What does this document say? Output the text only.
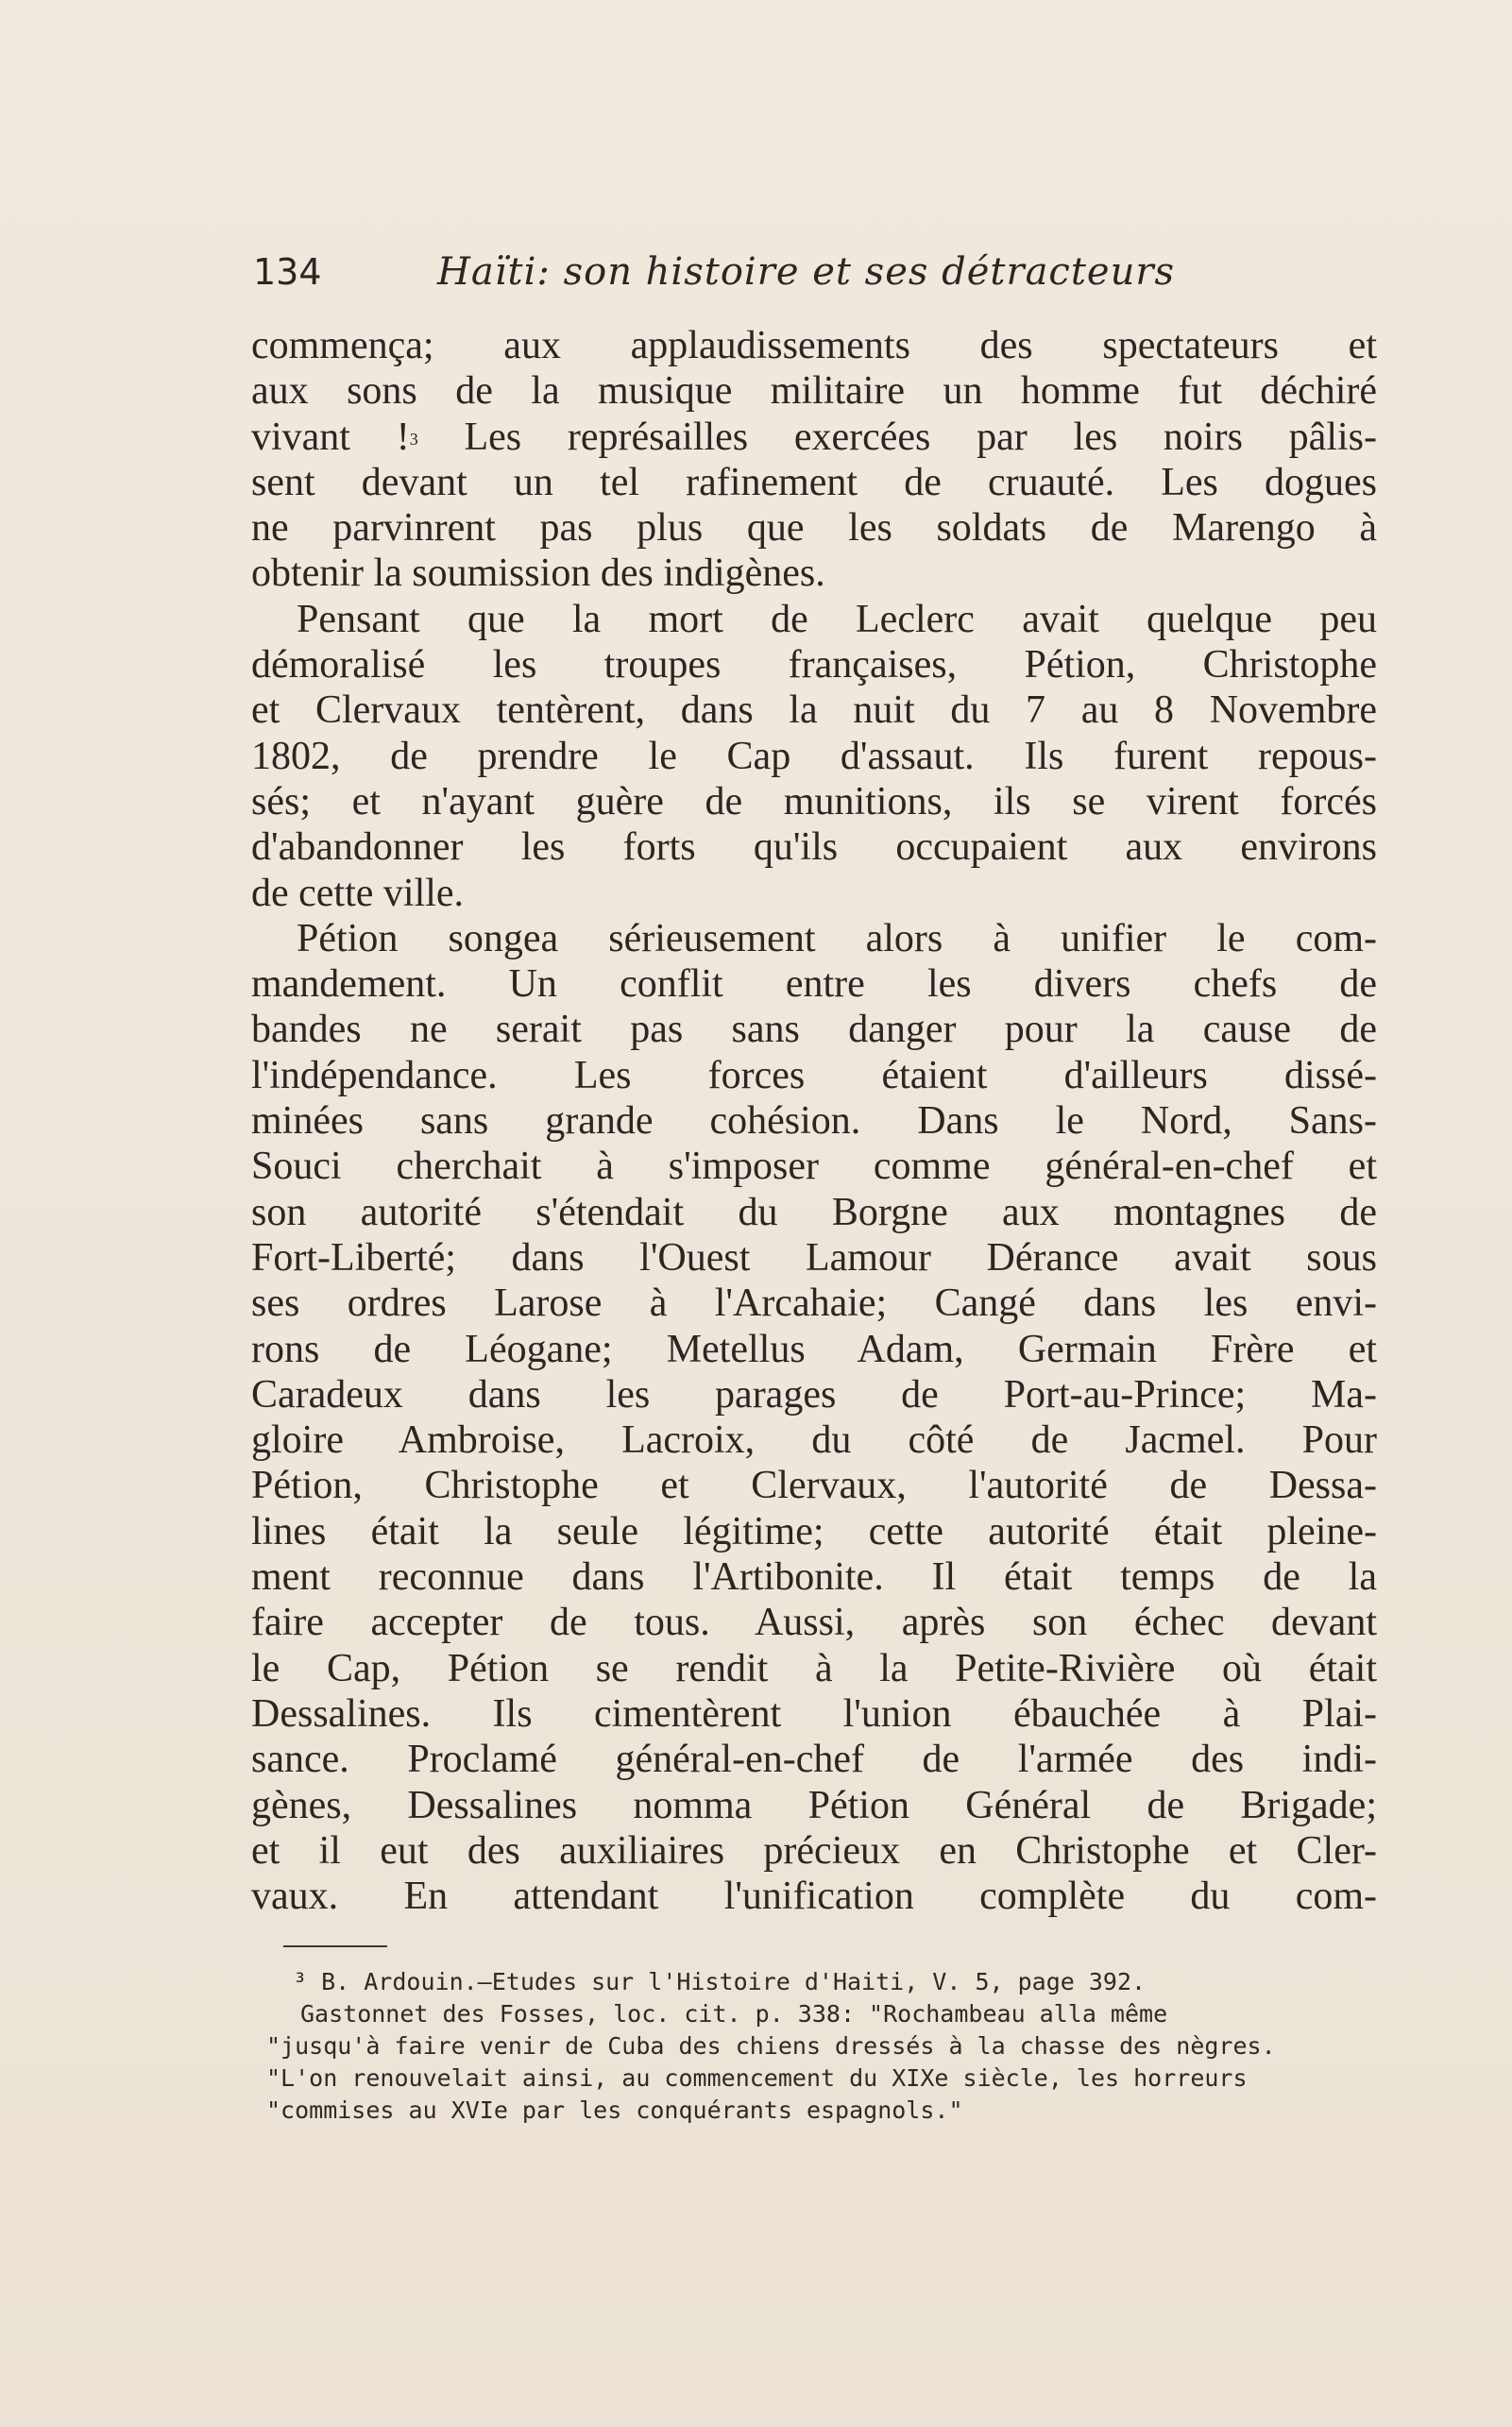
134	Haïti: son histoire et ses détracteurs
commença; aux applaudissements des spectateurs et
aux sons de la musique militaire un homme fut déchiré
vivant !$^3$ Les représailles exercées par les noirs pâlis-
sent devant un tel rafinement de cruauté. Les dogues
ne parvinrent pas plus que les soldats de Marengo à
obtenir la soumission des indigènes.
Pensant que la mort de Leclerc avait quelque peu
démoralisé les troupes françaises, Pétion, Christophe
et Clervaux tentèrent, dans la nuit du 7 au 8 Novembre
1802, de prendre le Cap d'assaut. Ils furent repous-
sés; et n'ayant guère de munitions, ils se virent forcés
d'abandonner les forts qu'ils occupaient aux environs
de cette ville.
Pétion songea sérieusement alors à unifier le com-
mandement. Un conflit entre les divers chefs de
bandes ne serait pas sans danger pour la cause de
l'indépendance. Les forces étaient d'ailleurs dissé-
minées sans grande cohésion. Dans le Nord, Sans-
Souci cherchait à s'imposer comme général-en-chef et
son autorité s'étendait du Borgne aux montagnes de
Fort-Liberté; dans l'Ouest Lamour Dérance avait sous
ses ordres Larose à l'Arcahaie; Cangé dans les envi-
rons de Léogane; Metellus Adam, Germain Frère et
Caradeux dans les parages de Port-au-Prince; Ma-
gloire Ambroise, Lacroix, du côté de Jacmel. Pour
Pétion, Christophe et Clervaux, l'autorité de Dessa-
lines était la seule légitime; cette autorité était pleine-
ment reconnue dans l'Artibonite. Il était temps de la
faire accepter de tous. Aussi, après son échec devant
le Cap, Pétion se rendit à la Petite-Rivière où était
Dessalines. Ils cimentèrent l'union ébauchée à Plai-
sance. Proclamé général-en-chef de l'armée des indi-
gènes, Dessalines nomma Pétion Général de Brigade;
et il eut des auxiliaires précieux en Christophe et Cler-
vaux. En attendant l'unification complète du com-
³ B. Ardouin.—Etudes sur l'Histoire d'Haiti, V. 5, page 392.
Gastonnet des Fosses, loc. cit. p. 338: "Rochambeau alla même
"jusqu'à faire venir de Cuba des chiens dressés à la chasse des nègres.
"L'on renouvelait ainsi, au commencement du XIXe siècle, les horreurs
"commises au XVIe par les conquérants espagnols."
